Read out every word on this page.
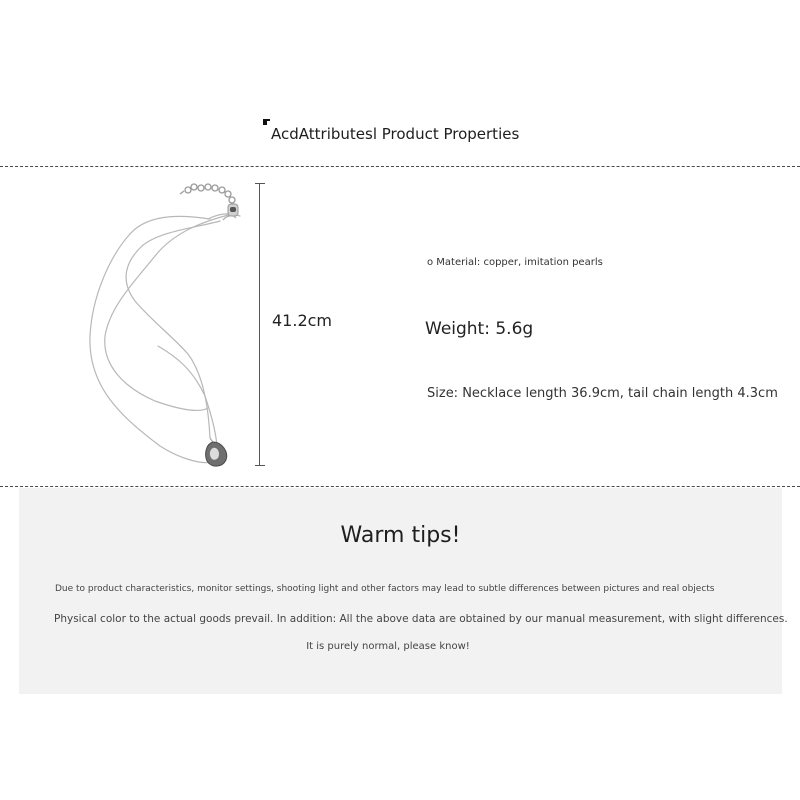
AcdAttributesl Product Properties
41.2cm
o Material: copper, imitation pearls
Weight: 5.6g
Size: Necklace length 36.9cm, tail chain length 4.3cm
Warm tips!
Due to product characteristics, monitor settings, shooting light and other factors may lead to subtle differences between pictures and real objects
Physical color to the actual goods prevail. In addition: All the above data are obtained by our manual measurement, with slight differences.
It is purely normal, please know!
